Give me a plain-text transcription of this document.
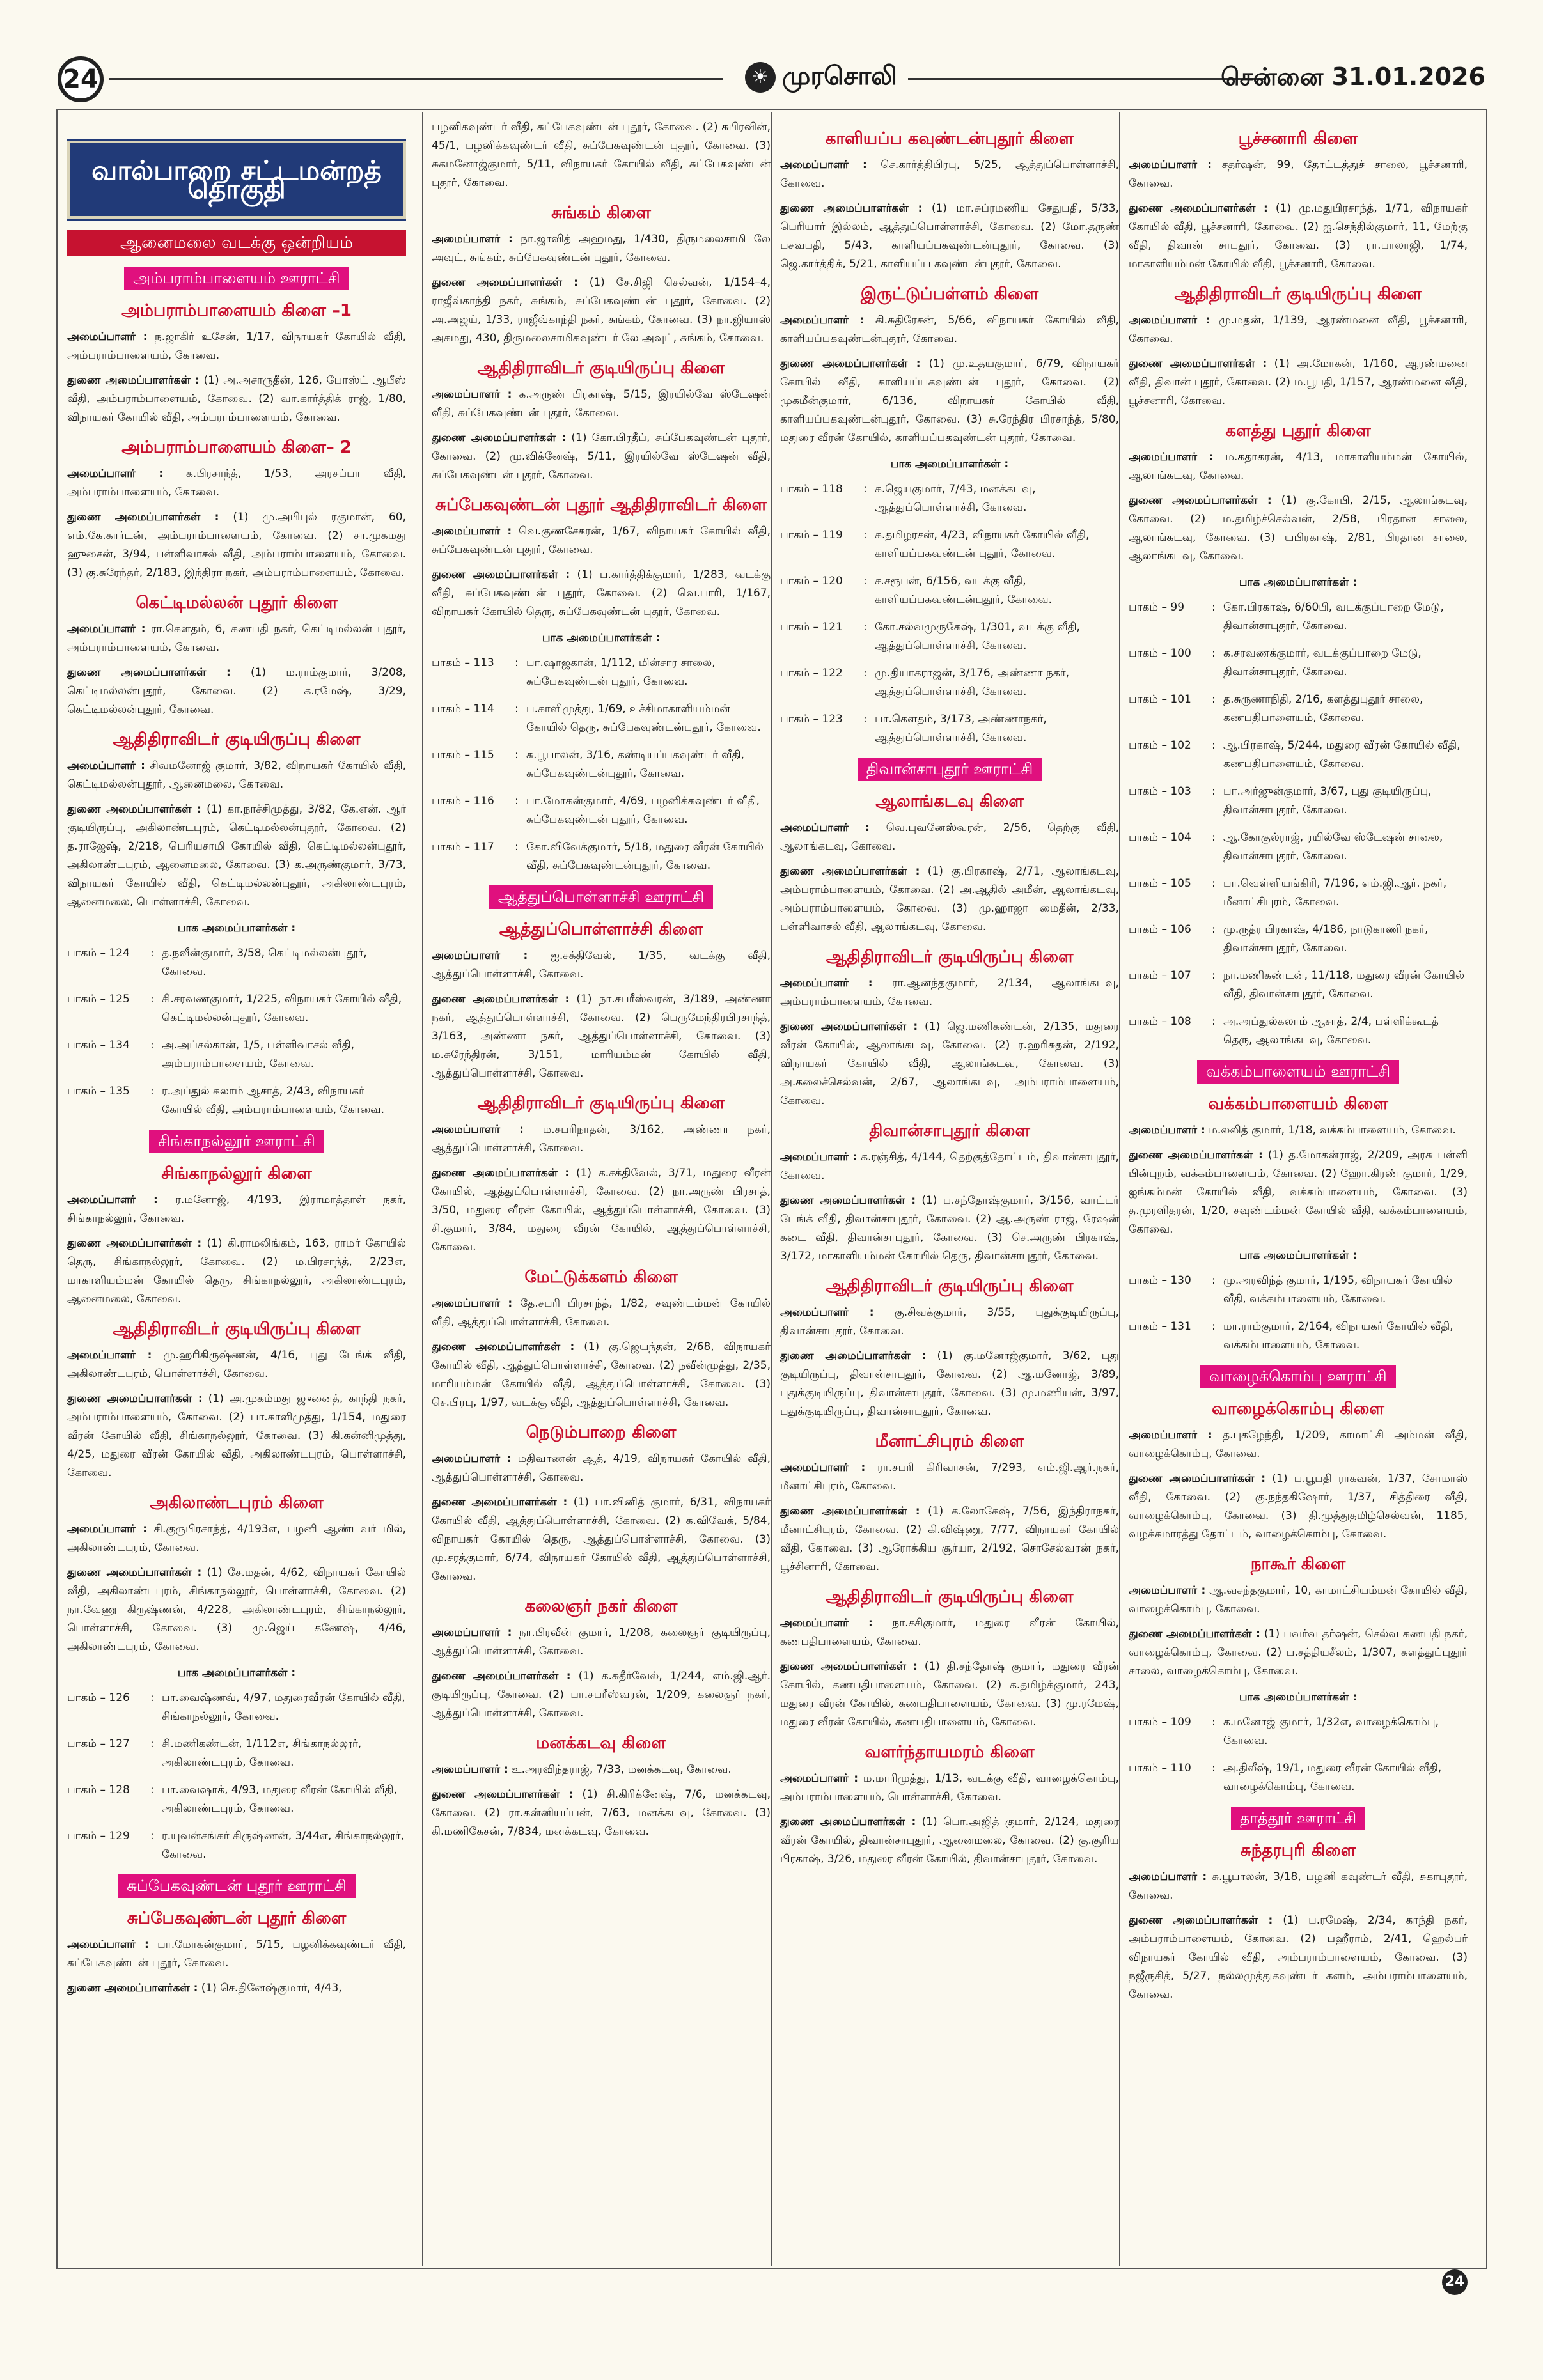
24	☀ முரசொலி	சென்னை 31.01.2026
வால்பாறை சட்டமன்றத் தொகுதி
ஆனைமலை வடக்கு ஒன்றியம்
அம்பராம்பாளையம் ஊராட்சி
அம்பராம்பாளையம் கிளை –1

அமைப்பாளர் : ந.ஜாகிர் உசேன், 1/17, விநாயகர் கோயில் வீதி, அம்பராம்பாளையம், கோவை.

துணை அமைப்பாளர்கள் : (1) அ.அசாருதீன், 126, போஸ்ட் ஆபீஸ் வீதி, அம்பராம்பாளையம், கோவை. (2) வா.கார்த்திக் ராஜ், 1/80, விநாயகர் கோயில் வீதி, அம்பராம்பாளையம், கோவை.

அம்பராம்பாளையம் கிளை– 2

அமைப்பாளர் : க.பிரசாந்த், 1/53, அரசப்பா வீதி, அம்பராம்பாளையம், கோவை.

துணை அமைப்பாளர்கள் : (1) மு.அபிபுல் ரகுமான், 60, எம்.கே.கார்டன், அம்பராம்பாளையம், கோவை. (2) சா.முகமது ஹுசைன், 3/94, பள்ளிவாசல் வீதி, அம்பராம்பாளையம், கோவை. (3) கு.சுரேந்தர், 2/183, இந்திரா நகர், அம்பராம்பாளையம், கோவை.

கெட்டிமல்லன் புதூர் கிளை

அமைப்பாளர் : ரா.கௌதம், 6, கணபதி நகர், கெட்டிமல்லன் புதூர், அம்பராம்பாளையம், கோவை.

துணை அமைப்பாளர்கள் : (1) ம.ராம்குமார், 3/208, கெட்டிமல்லன்புதூர், கோவை. (2) க.ரமேஷ், 3/29, கெட்டிமல்லன்புதூர், கோவை.

ஆதிதிராவிடர் குடியிருப்பு கிளை

அமைப்பாளர் : சிவமனோஜ் குமார், 3/82, விநாயகர் கோயில் வீதி, கெட்டிமல்லன்புதூர், ஆனைமலை, கோவை.

துணை அமைப்பாளர்கள் : (1) கா.நாச்சிமுத்து, 3/82, கே.என். ஆர் குடியிருப்பு, அகிலாண்டபுரம், கெட்டிமல்லன்புதூர், கோவை. (2) த.ராஜேஷ், 2/218, பெரியசாமி கோயில் வீதி, கெட்டிமல்லன்புதூர், அகிலாண்டபுரம், ஆனைமலை, கோவை. (3) க.அருண்குமார், 3/73, விநாயகர் கோயில் வீதி, கெட்டிமல்லன்புதூர், அகிலாண்டபுரம், ஆனைமலை, பொள்ளாச்சி, கோவை.

பாக அமைப்பாளர்கள் :
பாகம் – 124	: த.நவீன்குமார், 3/58, கெட்டிமல்லன்புதூர், கோவை.
பாகம் – 125	: சி.சரவணகுமார், 1/225, விநாயகர் கோயில் வீதி, கெட்டிமல்லன்புதூர், கோவை.
பாகம் – 134	: அ.அப்சல்கான், 1/5, பள்ளிவாசல் வீதி, அம்பராம்பாளையம், கோவை.
பாகம் – 135	: ர.அப்துல் கலாம் ஆசாத், 2/43, விநாயகர் கோயில் வீதி, அம்பராம்பாளையம், கோவை.
சிங்காநல்லூர் ஊராட்சி
சிங்காநல்லூர் கிளை

அமைப்பாளர் : ர.மனோஜ், 4/193, இராமாத்தாள் நகர், சிங்காநல்லூர், கோவை.

துணை அமைப்பாளர்கள் : (1) கி.ராமலிங்கம், 163, ராமர் கோயில் தெரு, சிங்காநல்லூர், கோவை. (2) ம.பிரசாந்த், 2/23எ, மாகாளியம்மன் கோயில் தெரு, சிங்காநல்லூர், அகிலாண்டபுரம், ஆனைமலை, கோவை.

ஆதிதிராவிடர் குடியிருப்பு கிளை

அமைப்பாளர் : மு.ஹரிகிருஷ்ணன், 4/16, புது டேங்க் வீதி, அகிலாண்டபுரம், பொள்ளாச்சி, கோவை.

துணை அமைப்பாளர்கள் : (1) அ.முகம்மது ஜுனைத், காந்தி நகர், அம்பராம்பாளையம், கோவை. (2) பா.காளிமுத்து, 1/154, மதுரை வீரன் கோயில் வீதி, சிங்காநல்லூர், கோவை. (3) கி.கன்னிமுத்து, 4/25, மதுரை வீரன் கோயில் வீதி, அகிலாண்டபுரம், பொள்ளாச்சி, கோவை.

அகிலாண்டபுரம் கிளை

அமைப்பாளர் : சி.குருபிரசாந்த், 4/193எ, பழனி ஆண்டவர் மில், அகிலாண்டபுரம், கோவை.

துணை அமைப்பாளர்கள் : (1) சே.மதன், 4/62, விநாயகர் கோயில் வீதி, அகிலாண்டபுரம், சிங்காநல்லூர், பொள்ளாச்சி, கோவை. (2) நா.வேணு கிருஷ்ணன், 4/228, அகிலாண்டபுரம், சிங்காநல்லூர், பொள்ளாச்சி, கோவை. (3) மு.ஜெய் கணேஷ், 4/46, அகிலாண்டபுரம், கோவை.

பாக அமைப்பாளர்கள் :
பாகம் – 126	: பா.வைஷ்ணவ், 4/97, மதுரைவீரன் கோயில் வீதி, சிங்காநல்லூர், கோவை.
பாகம் – 127	: சி.மணிகண்டன், 1/112எ, சிங்காநல்லூர், அகிலாண்டபுரம், கோவை.
பாகம் – 128	: பா.வைஷாக், 4/93, மதுரை வீரன் கோயில் வீதி, அகிலாண்டபுரம், கோவை.
பாகம் – 129	: ர.யுவன்சங்கர் கிருஷ்ணன், 3/44எ, சிங்காநல்லூர், கோவை.
சுப்பேகவுண்டன் புதூர் ஊராட்சி
சுப்பேகவுண்டன் புதூர் கிளை

அமைப்பாளர் : பா.மோகன்குமார், 5/15, பழனிக்கவுண்டர் வீதி, சுப்பேகவுண்டன் புதூர், கோவை.

துணை அமைப்பாளர்கள் : (1) செ.தினேஷ்குமார், 4/43,

பழனிகவுண்டர் வீதி, சுப்பேகவுண்டன் புதூர், கோவை. (2) சுபிரவின், 45/1, பழனிக்கவுண்டர் வீதி, சுப்பேகவுண்டன் புதூர், கோவை. (3) சுகமனோஜ்குமார், 5/11, விநாயகர் கோயில் வீதி, சுப்பேகவுண்டன் புதூர், கோவை.

சுங்கம் கிளை

அமைப்பாளர் : நா.ஜாவித் அஹமது, 1/430, திருமலைசாமி லே அவுட், சுங்கம், சுப்பேகவுண்டன் புதூர், கோவை.

துணை அமைப்பாளர்கள் : (1) சே.சிஜி செல்வன், 1/154–4, ராஜீவ்காந்தி நகர், சுங்கம், சுப்பேகவுண்டன் புதூர், கோவை. (2) அ.அஜய், 1/33, ராஜீவ்காந்தி நகர், சுங்கம், கோவை. (3) நா.ஜியாஸ் அகமது, 430, திருமலைசாமிகவுண்டர் லே அவுட், சுங்கம், கோவை.

ஆதிதிராவிடர் குடியிருப்பு கிளை

அமைப்பாளர் : க.அருண் பிரகாஷ், 5/15, இரயில்வே ஸ்டேஷன் வீதி, சுப்பேகவுண்டன் புதூர், கோவை.

துணை அமைப்பாளர்கள் : (1) கோ.பிரதீப், சுப்பேகவுண்டன் புதூர், கோவை. (2) மு.விக்னேஷ், 5/11, இரயில்வே ஸ்டேஷன் வீதி, சுப்பேகவுண்டன் புதூர், கோவை.

சுப்பேகவுண்டன் புதூர் ஆதிதிராவிடர் கிளை

அமைப்பாளர் : வெ.குணசேகரன், 1/67, விநாயகர் கோயில் வீதி, சுப்பேகவுண்டன் புதூர், கோவை.

துணை அமைப்பாளர்கள் : (1) ப.கார்த்திக்குமார், 1/283, வடக்கு வீதி, சுப்பேகவுண்டன் புதூர், கோவை. (2) வெ.பாரி, 1/167, விநாயகர் கோயில் தெரு, சுப்பேகவுண்டன் புதூர், கோவை.

பாக அமைப்பாளர்கள் :
பாகம் – 113	: பா.ஷாஜகான், 1/112, மின்சார சாலை, சுப்பேகவுண்டன் புதூர், கோவை.
பாகம் – 114	: ப.காளிமுத்து, 1/69, உச்சிமாகாளியம்மன் கோயில் தெரு, சுப்பேகவுண்டன்புதூர், கோவை.
பாகம் – 115	: சு.பூபாலன், 3/16, கண்டியப்பகவுண்டர் வீதி, சுப்பேகவுண்டன்புதூர், கோவை.
பாகம் – 116	: பா.மோகன்குமார், 4/69, பழனிக்கவுண்டர் வீதி, சுப்பேகவுண்டன் புதூர், கோவை.
பாகம் – 117	: கோ.விவேக்குமார், 5/18, மதுரை வீரன் கோயில் வீதி, சுப்பேகவுண்டன்புதூர், கோவை.
ஆத்துப்பொள்ளாச்சி ஊராட்சி
ஆத்துப்பொள்ளாச்சி கிளை

அமைப்பாளர் : ஐ.சக்திவேல், 1/35, வடக்கு வீதி, ஆத்துப்பொள்ளாச்சி, கோவை.

துணை அமைப்பாளர்கள் : (1) நா.சபரீஸ்வரன், 3/189, அண்ணா நகர், ஆத்துப்பொள்ளாச்சி, கோவை. (2) பெருமேந்திரபிரசாந்த், 3/163, அண்ணா நகர், ஆத்துப்பொள்ளாச்சி, கோவை. (3) ம.சுரேந்திரன், 3/151, மாரியம்மன் கோயில் வீதி, ஆத்துப்பொள்ளாச்சி, கோவை.

ஆதிதிராவிடர் குடியிருப்பு கிளை

அமைப்பாளர் : ம.சபரிநாதன், 3/162, அண்ணா நகர், ஆத்துப்பொள்ளாச்சி, கோவை.

துணை அமைப்பாளர்கள் : (1) க.சக்திவேல், 3/71, மதுரை வீரன் கோயில், ஆத்துப்பொள்ளாச்சி, கோவை. (2) நா.அருண் பிரசாத், 3/50, மதுரை வீரன் கோயில், ஆத்துப்பொள்ளாச்சி, கோவை. (3) சி.குமார், 3/84, மதுரை வீரன் கோயில், ஆத்துப்பொள்ளாச்சி, கோவை.

மேட்டுக்களம் கிளை

அமைப்பாளர் : தே.சபரி பிரசாந்த், 1/82, சவுண்டம்மன் கோயில் வீதி, ஆத்துப்பொள்ளாச்சி, கோவை.

துணை அமைப்பாளர்கள் : (1) கு.ஜெயந்தன், 2/68, விநாயகர் கோயில் வீதி, ஆத்துப்பொள்ளாச்சி, கோவை. (2) நவீன்முத்து, 2/35, மாரியம்மன் கோயில் வீதி, ஆத்துப்பொள்ளாச்சி, கோவை. (3) செ.பிரபு, 1/97, வடக்கு வீதி, ஆத்துப்பொள்ளாச்சி, கோவை.

நெடும்பாறை கிளை

அமைப்பாளர் : மதிவாணன் ஆத், 4/19, விநாயகர் கோயில் வீதி, ஆத்துப்பொள்ளாச்சி, கோவை.

துணை அமைப்பாளர்கள் : (1) பா.வினித் குமார், 6/31, விநாயகர் கோயில் வீதி, ஆத்துப்பொள்ளாச்சி, கோவை. (2) க.விவேக், 5/84, விநாயகர் கோயில் தெரு, ஆத்துப்பொள்ளாச்சி, கோவை. (3) மு.சரத்குமார், 6/74, விநாயகர் கோயில் வீதி, ஆத்துப்பொள்ளாச்சி, கோவை.

கலைஞர் நகர் கிளை

அமைப்பாளர் : நா.பிரவீன் குமார், 1/208, கலைஞர் குடியிருப்பு, ஆத்துப்பொள்ளாச்சி, கோவை.

துணை அமைப்பாளர்கள் : (1) க.சுதீர்வேல், 1/244, எம்.ஜி.ஆர். குடியிருப்பு, கோவை. (2) பா.சபரீஸ்வரன், 1/209, கலைஞர் நகர், ஆத்துப்பொள்ளாச்சி, கோவை.

மனக்கடவு கிளை

அமைப்பாளர் : உ.அரவிந்தராஜ், 7/33, மனக்கடவு, கோவை.

துணை அமைப்பாளர்கள் : (1) சி.கிரிக்னேஷ், 7/6, மனக்கடவு, கோவை. (2) ரா.கன்னியப்பன், 7/63, மனக்கடவு, கோவை. (3) கி.மணிகேசன், 7/834, மனக்கடவு, கோவை.

காளியப்ப கவுண்டன்புதூர் கிளை

அமைப்பாளர் : செ.கார்த்திபிரபு, 5/25, ஆத்துப்பொள்ளாச்சி, கோவை.

துணை அமைப்பாளர்கள் : (1) மா.சுப்ரமணிய சேதுபதி, 5/33, பெரியார் இல்லம், ஆத்துப்பொள்ளாச்சி, கோவை. (2) மோ.தருண் பசவபதி, 5/43, காளியப்பகவுண்டன்புதூர், கோவை. (3) ஜெ.கார்த்திக், 5/21, காளியப்ப கவுண்டன்புதூர், கோவை.

இருட்டுப்பள்ளம் கிளை

அமைப்பாளர் : கி.சுதிரேசன், 5/66, விநாயகர் கோயில் வீதி, காளியப்பகவுண்டன்புதூர், கோவை.

துணை அமைப்பாளர்கள் : (1) மு.உதயகுமார், 6/79, விநாயகர் கோயில் வீதி, காளியப்பகவுண்டன் புதூர், கோவை. (2) முகமீன்குமார், 6/136, விநாயகர் கோயில் வீதி, காளியப்பகவுண்டன்புதூர், கோவை. (3) சு.ரேந்திர பிரசாந்த், 5/80, மதுரை வீரன் கோயில், காளியப்பகவுண்டன் புதூர், கோவை.

பாக அமைப்பாளர்கள் :
பாகம் – 118	: க.ஜெயகுமார், 7/43, மனக்கடவு, ஆத்துப்பொள்ளாச்சி, கோவை.
பாகம் – 119	: க.தமிழரசன், 4/23, விநாயகர் கோயில் வீதி, காளியப்பகவுண்டன் புதூர், கோவை.
பாகம் – 120	: ச.சரூபன், 6/156, வடக்கு வீதி, காளியப்பகவுண்டன்புதூர், கோவை.
பாகம் – 121	: கோ.சல்வமுருகேஷ், 1/301, வடக்கு வீதி, ஆத்துப்பொள்ளாச்சி, கோவை.
பாகம் – 122	: மு.தியாகராஜன், 3/176, அண்ணா நகர், ஆத்துப்பொள்ளாச்சி, கோவை.
பாகம் – 123	: பா.கௌதம், 3/173, அண்ணாநகர், ஆத்துப்பொள்ளாச்சி, கோவை.
திவான்சாபுதூர் ஊராட்சி
ஆலாங்கடவு கிளை

அமைப்பாளர் : வெ.புவனேஸ்வரன், 2/56, தெற்கு வீதி, ஆலாங்கடவு, கோவை.

துணை அமைப்பாளர்கள் : (1) கு.பிரகாஷ், 2/71, ஆலாங்கடவு, அம்பராம்பாளையம், கோவை. (2) அ.ஆதில் அமீன், ஆலாங்கடவு, அம்பராம்பாளையம், கோவை. (3) மு.ஹாஜா மைதீன், 2/33, பள்ளிவாசல் வீதி, ஆலாங்கடவு, கோவை.

ஆதிதிராவிடர் குடியிருப்பு கிளை

அமைப்பாளர் : ரா.ஆனந்தகுமார், 2/134, ஆலாங்கடவு, அம்பராம்பாளையம், கோவை.

துணை அமைப்பாளர்கள் : (1) ஜெ.மணிகண்டன், 2/135, மதுரை வீரன் கோயில், ஆலாங்கடவு, கோவை. (2) ர.ஹரிசுதன், 2/192, விநாயகர் கோயில் வீதி, ஆலாங்கடவு, கோவை. (3) அ.கலைச்செல்வன், 2/67, ஆலாங்கடவு, அம்பராம்பாளையம், கோவை.

திவான்சாபுதூர் கிளை

அமைப்பாளர் : க.ரஞ்சித், 4/144, தெற்குத்தோட்டம், திவான்சாபுதூர், கோவை.

துணை அமைப்பாளர்கள் : (1) ப.சந்தோஷ்குமார், 3/156, வாட்டர் டேங்க் வீதி, திவான்சாபுதூர், கோவை. (2) ஆ.அருண் ராஜ், ரேஷன் கடை வீதி, திவான்சாபுதூர், கோவை. (3) செ.அருண் பிரகாஷ், 3/172, மாகாளியம்மன் கோயில் தெரு, திவான்சாபுதூர், கோவை.

ஆதிதிராவிடர் குடியிருப்பு கிளை

அமைப்பாளர் : கு.சிவக்குமார், 3/55, புதுக்குடியிருப்பு, திவான்சாபுதூர், கோவை.

துணை அமைப்பாளர்கள் : (1) கு.மனோஜ்குமார், 3/62, புது குடியிருப்பு, திவான்சாபுதூர், கோவை. (2) ஆ.மனோஜ், 3/89, புதுக்குடியிருப்பு, திவான்சாபுதூர், கோவை. (3) மு.மணியன், 3/97, புதுக்குடியிருப்பு, திவான்சாபுதூர், கோவை.

மீனாட்சிபுரம் கிளை

அமைப்பாளர் : ரா.சபரி கிரிவாசன், 7/293, எம்.ஜி.ஆர்.நகர், மீனாட்சிபுரம், கோவை.

துணை அமைப்பாளர்கள் : (1) க.லோகேஷ், 7/56, இந்திராநகர், மீனாட்சிபுரம், கோவை. (2) கி.விஷ்ணு, 7/77, விநாயகர் கோயில் வீதி, கோவை. (3) ஆரோக்கிய சூர்யா, 2/192, சொசேல்வரன் நகர், பூச்சினாரி, கோவை.

ஆதிதிராவிடர் குடியிருப்பு கிளை

அமைப்பாளர் : நா.சசிகுமார், மதுரை வீரன் கோயில், கணபதிபாளையம், கோவை.

துணை அமைப்பாளர்கள் : (1) தி.சந்தோஷ் குமார், மதுரை வீரன் கோயில், கணபதிபாளையம், கோவை. (2) க.தமிழ்க்குமார், 243, மதுரை வீரன் கோயில், கணபதிபாளையம், கோவை. (3) மு.ரமேஷ், மதுரை வீரன் கோயில், கணபதிபாளையம், கோவை.

வளர்ந்தாயமரம் கிளை

அமைப்பாளர் : ம.மாரிமுத்து, 1/13, வடக்கு வீதி, வாழைக்கொம்பு, அம்பராம்பாளையம், பொள்ளாச்சி, கோவை.

துணை அமைப்பாளர்கள் : (1) பொ.அஜித் குமார், 2/124, மதுரை வீரன் கோயில், திவான்சாபுதூர், ஆனைமலை, கோவை. (2) கு.சூரிய பிரகாஷ், 3/26, மதுரை வீரன் கோயில், திவான்சாபுதூர், கோவை.

பூச்சனாரி கிளை

அமைப்பாளர் : சதர்ஷன், 99, தோட்டத்துச் சாலை, பூச்சனாரி, கோவை.

துணை அமைப்பாளர்கள் : (1) மு.மதுபிரசாந்த், 1/71, விநாயகர் கோயில் வீதி, பூச்சனாரி, கோவை. (2) ஐ.செந்தில்குமார், 11, மேற்கு வீதி, திவான் சாபுதூர், கோவை. (3) ரா.பாலாஜி, 1/74, மாகாளியம்மன் கோயில் வீதி, பூச்சனாரி, கோவை.

ஆதிதிராவிடர் குடியிருப்பு கிளை

அமைப்பாளர் : மு.மதன், 1/139, ஆரண்மனை வீதி, பூச்சனாரி, கோவை.

துணை அமைப்பாளர்கள் : (1) அ.மோகன், 1/160, ஆரண்மனை வீதி, திவான் புதூர், கோவை. (2) ம.பூபதி, 1/157, ஆரண்மனை வீதி, பூச்சனாரி, கோவை.

களத்து புதூர் கிளை

அமைப்பாளர் : ம.கதாகரன், 4/13, மாகாளியம்மன் கோயில், ஆலாங்கடவு, கோவை.

துணை அமைப்பாளர்கள் : (1) கு.கோபி, 2/15, ஆலாங்கடவு, கோவை. (2) ம.தமிழ்ச்செல்வன், 2/58, பிரதான சாலை, ஆலாங்கடவு, கோவை. (3) யபிரகாஷ், 2/81, பிரதான சாலை, ஆலாங்கடவு, கோவை.

பாக அமைப்பாளர்கள் :
பாகம் – 99	: கோ.பிரகாஷ், 6/60பி, வடக்குப்பாறை மேடு, திவான்சாபுதூர், கோவை.
பாகம் – 100	: க.சரவணக்குமார், வடக்குப்பாறை மேடு, திவான்சாபுதூர், கோவை.
பாகம் – 101	: த.சுருணாநிதி, 2/16, களத்துபுதூர் சாலை, கணபதிபாளையம், கோவை.
பாகம் – 102	: ஆ.பிரகாஷ், 5/244, மதுரை வீரன் கோயில் வீதி, கணபதிபாளையம், கோவை.
பாகம் – 103	: பா.அர்ஜுன்குமார், 3/67, புது குடியிருப்பு, திவான்சாபுதூர், கோவை.
பாகம் – 104	: ஆ.கோகுல்ராஜ், ரயில்வே ஸ்டேஷன் சாலை, திவான்சாபுதூர், கோவை.
பாகம் – 105	: பா.வெள்ளியங்கிரி, 7/196, எம்.ஜி.ஆர். நகர், மீனாட்சிபுரம், கோவை.
பாகம் – 106	: மு.ருத்ர பிரகாஷ், 4/186, நாடுகாணி நகர், திவான்சாபுதூர், கோவை.
பாகம் – 107	: நா.மணிகண்டன், 11/118, மதுரை வீரன் கோயில் வீதி, திவான்சாபுதூர், கோவை.
பாகம் – 108	: அ.அப்துல்கலாம் ஆசாத், 2/4, பள்ளிக்கூடத் தெரு, ஆலாங்கடவு, கோவை.
வக்கம்பாளையம் ஊராட்சி
வக்கம்பாளையம் கிளை

அமைப்பாளர் : ம.லலித் குமார், 1/18, வக்கம்பாளையம், கோவை.

துணை அமைப்பாளர்கள் : (1) த.மோகன்ராஜ், 2/209, அரசு பள்ளி பின்புறம், வக்கம்பாளையம், கோவை. (2) ஹோ.கிரண் குமார், 1/29, ஐங்கம்மன் கோயில் வீதி, வக்கம்பாளையம், கோவை. (3) த.முரளிதரன், 1/20, சவுண்டம்மன் கோயில் வீதி, வக்கம்பாளையம், கோவை.

பாக அமைப்பாளர்கள் :
பாகம் – 130	: மு.அரவிந்த் குமார், 1/195, விநாயகர் கோயில் வீதி, வக்கம்பாளையம், கோவை.
பாகம் – 131	: மா.ராம்குமார், 2/164, விநாயகர் கோயில் வீதி, வக்கம்பாளையம், கோவை.
வாழைக்கொம்பு ஊராட்சி
வாழைக்கொம்பு கிளை

அமைப்பாளர் : த.புகழேந்தி, 1/209, காமாட்சி அம்மன் வீதி, வாழைக்கொம்பு, கோவை.

துணை அமைப்பாளர்கள் : (1) ப.பூபதி ராகவன், 1/37, சோமாஸ் வீதி, கோவை. (2) கு.நந்தகிஷோர், 1/37, சித்திரை வீதி, வாழைக்கொம்பு, கோவை. (3) தி.முத்துதமிழ்செல்வன், 1185, வழக்கமாரத்து தோட்டம், வாழைக்கொம்பு, கோவை.

நாகூர் கிளை

அமைப்பாளர் : ஆ.வசந்தகுமார், 10, காமாட்சியம்மன் கோயில் வீதி, வாழைக்கொம்பு, கோவை.

துணை அமைப்பாளர்கள் : (1) பவர்வ தர்ஷன், செல்வ கணபதி நகர், வாழைக்கொம்பு, கோவை. (2) ப.சத்தியசீலம், 1/307, களத்துப்புதூர் சாலை, வாழைக்கொம்பு, கோவை.

பாக அமைப்பாளர்கள் :
பாகம் – 109	: க.மனோஜ் குமார், 1/32எ, வாழைக்கொம்பு, கோவை.
பாகம் – 110	: அ.திலீஷ், 19/1, மதுரை வீரன் கோயில் வீதி, வாழைக்கொம்பு, கோவை.
தாத்தூர் ஊராட்சி
சுந்தரபுரி கிளை

அமைப்பாளர் : சு.பூபாலன், 3/18, பழனி கவுண்டர் வீதி, சுகாபுதூர், கோவை.

துணை அமைப்பாளர்கள் : (1) ப.ரமேஷ், 2/34, காந்தி நகர், அம்பராம்பாளையம், கோவை. (2) பஹீராம், 2/41, ஹெல்பர் விநாயகர் கோயில் வீதி, அம்பராம்பாளையம், கோவை. (3) நஜீருகித், 5/27, நல்லமுத்துகவுண்டர் களம், அம்பராம்பாளையம், கோவை.

24
